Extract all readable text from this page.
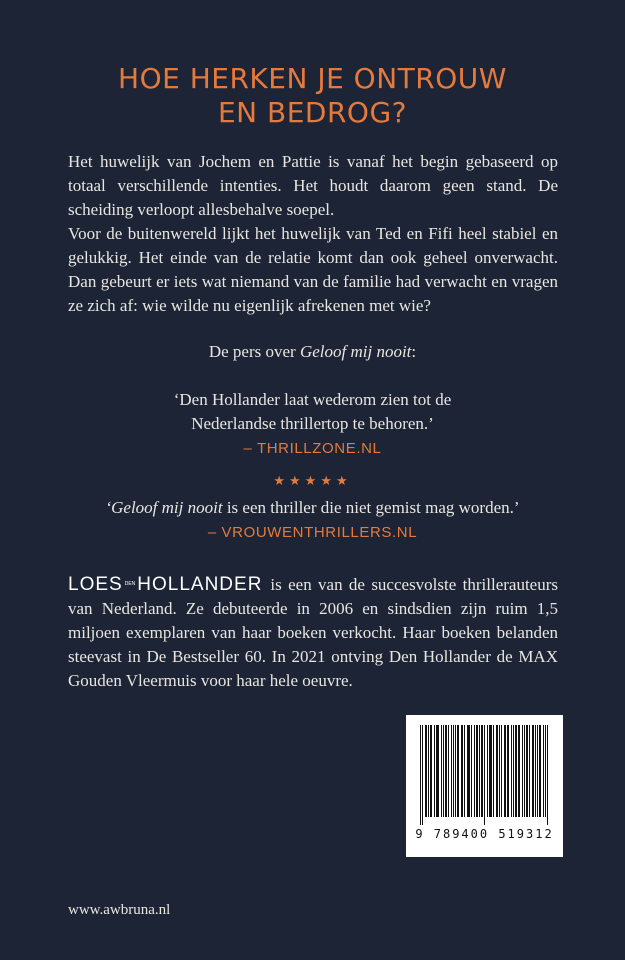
HOE HERKEN JE ONTROUW
EN BEDROG?

Het huwelijk van Jochem en Pattie is vanaf het begin gebaseerd op totaal verschillende intenties. Het houdt daarom geen stand. De scheiding verloopt allesbehalve soepel.

Voor de buitenwereld lijkt het huwelijk van Ted en Fifi heel stabiel en gelukkig. Het einde van de relatie komt dan ook geheel onverwacht. Dan gebeurt er iets wat niemand van de familie had verwacht en vragen ze zich af: wie wilde nu eigenlijk afrekenen met wie?

De pers over Geloof mij nooit:
‘Den Hollander laat wederom zien tot de
Nederlandse thrillertop te behoren.’
– THRILLZONE.NL
★★★★★
‘Geloof mij nooit is een thriller die niet gemist mag worden.’
– VROUWENTHRILLERS.NL

LOES DEN HOLLANDER is een van de succesvolste thrillerauteurs van Nederland. Ze debuteerde in 2006 en sindsdien zijn ruim 1,5 miljoen exemplaren van haar boeken verkocht. Haar boeken belanden steevast in De Bestseller 60. In 2021 ontving Den Hollander de MAX Gouden Vleermuis voor haar hele oeuvre.

9 789400 519312
www.awbruna.nl
